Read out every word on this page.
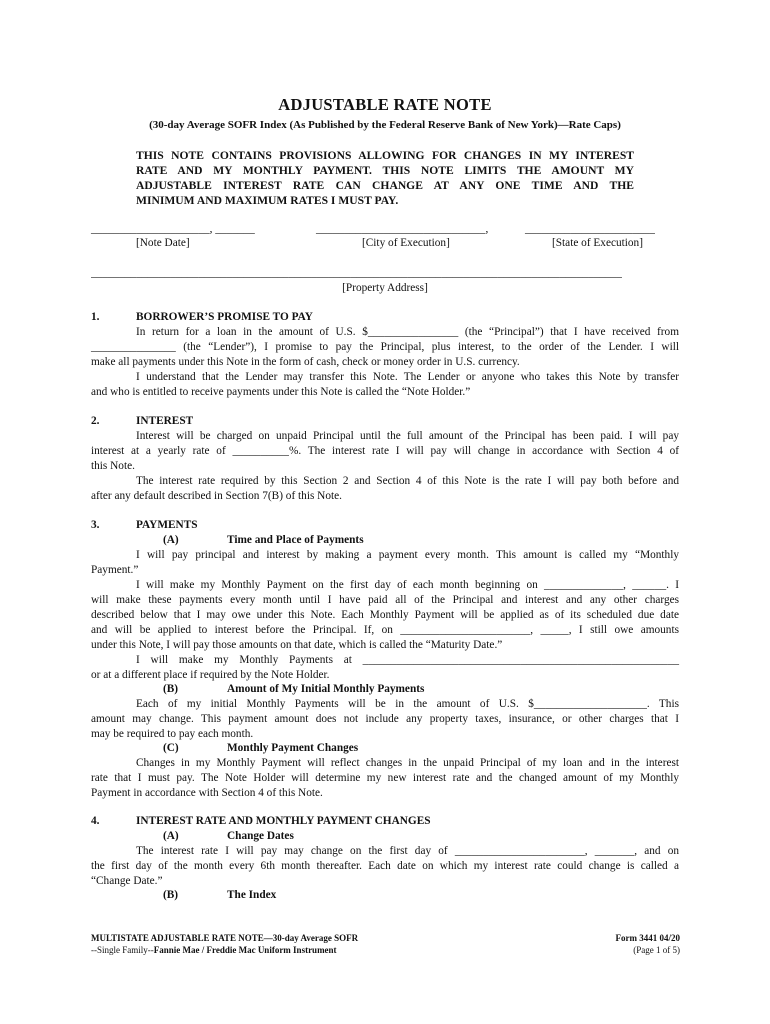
ADJUSTABLE RATE NOTE
(30-day Average SOFR Index (As Published by the Federal Reserve Bank of New York)—Rate Caps)
THIS NOTE CONTAINS PROVISIONS ALLOWING FOR CHANGES IN MY INTEREST
RATE AND MY MONTHLY PAYMENT. THIS NOTE LIMITS THE AMOUNT MY
ADJUSTABLE INTEREST RATE CAN CHANGE AT ANY ONE TIME AND THE
MINIMUM AND MAXIMUM RATES I MUST PAY.
_____________________, _______	______________________________,	_______________________
[Note Date]	[City of Execution]	[State of Execution]
______________________________________________________________________________________________
[Property Address]
1.	BORROWER’S PROMISE TO PAY
In return for a loan in the amount of U.S. $________________ (the “Principal”) that I have received from
_______________ (the “Lender”), I promise to pay the Principal, plus interest, to the order of the Lender. I will
make all payments under this Note in the form of cash, check or money order in U.S. currency.
I understand that the Lender may transfer this Note. The Lender or anyone who takes this Note by transfer
and who is entitled to receive payments under this Note is called the “Note Holder.”
2.	INTEREST
Interest will be charged on unpaid Principal until the full amount of the Principal has been paid. I will pay
interest at a yearly rate of __________%. The interest rate I will pay will change in accordance with Section 4 of
this Note.
The interest rate required by this Section 2 and Section 4 of this Note is the rate I will pay both before and
after any default described in Section 7(B) of this Note.
3.	PAYMENTS
(A)	Time and Place of Payments
I will pay principal and interest by making a payment every month. This amount is called my “Monthly
Payment.”
I will make my Monthly Payment on the first day of each month beginning on ______________, ______. I
will make these payments every month until I have paid all of the Principal and interest and any other charges
described below that I may owe under this Note. Each Monthly Payment will be applied as of its scheduled due date
and will be applied to interest before the Principal. If, on _______________________, _____, I still owe amounts
under this Note, I will pay those amounts on that date, which is called the “Maturity Date.”
I will make my Monthly Payments at ________________________________________________________
or at a different place if required by the Note Holder.
(B)	Amount of My Initial Monthly Payments
Each of my initial Monthly Payments will be in the amount of U.S. $____________________. This
amount may change. This payment amount does not include any property taxes, insurance, or other charges that I
may be required to pay each month.
(C)	Monthly Payment Changes
Changes in my Monthly Payment will reflect changes in the unpaid Principal of my loan and in the interest
rate that I must pay. The Note Holder will determine my new interest rate and the changed amount of my Monthly
Payment in accordance with Section 4 of this Note.
4.	INTEREST RATE AND MONTHLY PAYMENT CHANGES
(A)	Change Dates
The interest rate I will pay may change on the first day of _______________________, _______, and on
the first day of the month every 6th month thereafter. Each date on which my interest rate could change is called a
“Change Date.”
(B)	The Index
MULTISTATE ADJUSTABLE RATE NOTE—30-day Average SOFR
--Single Family--Fannie Mae / Freddie Mac Uniform Instrument
Form 3441 04/20
(Page 1 of 5)
